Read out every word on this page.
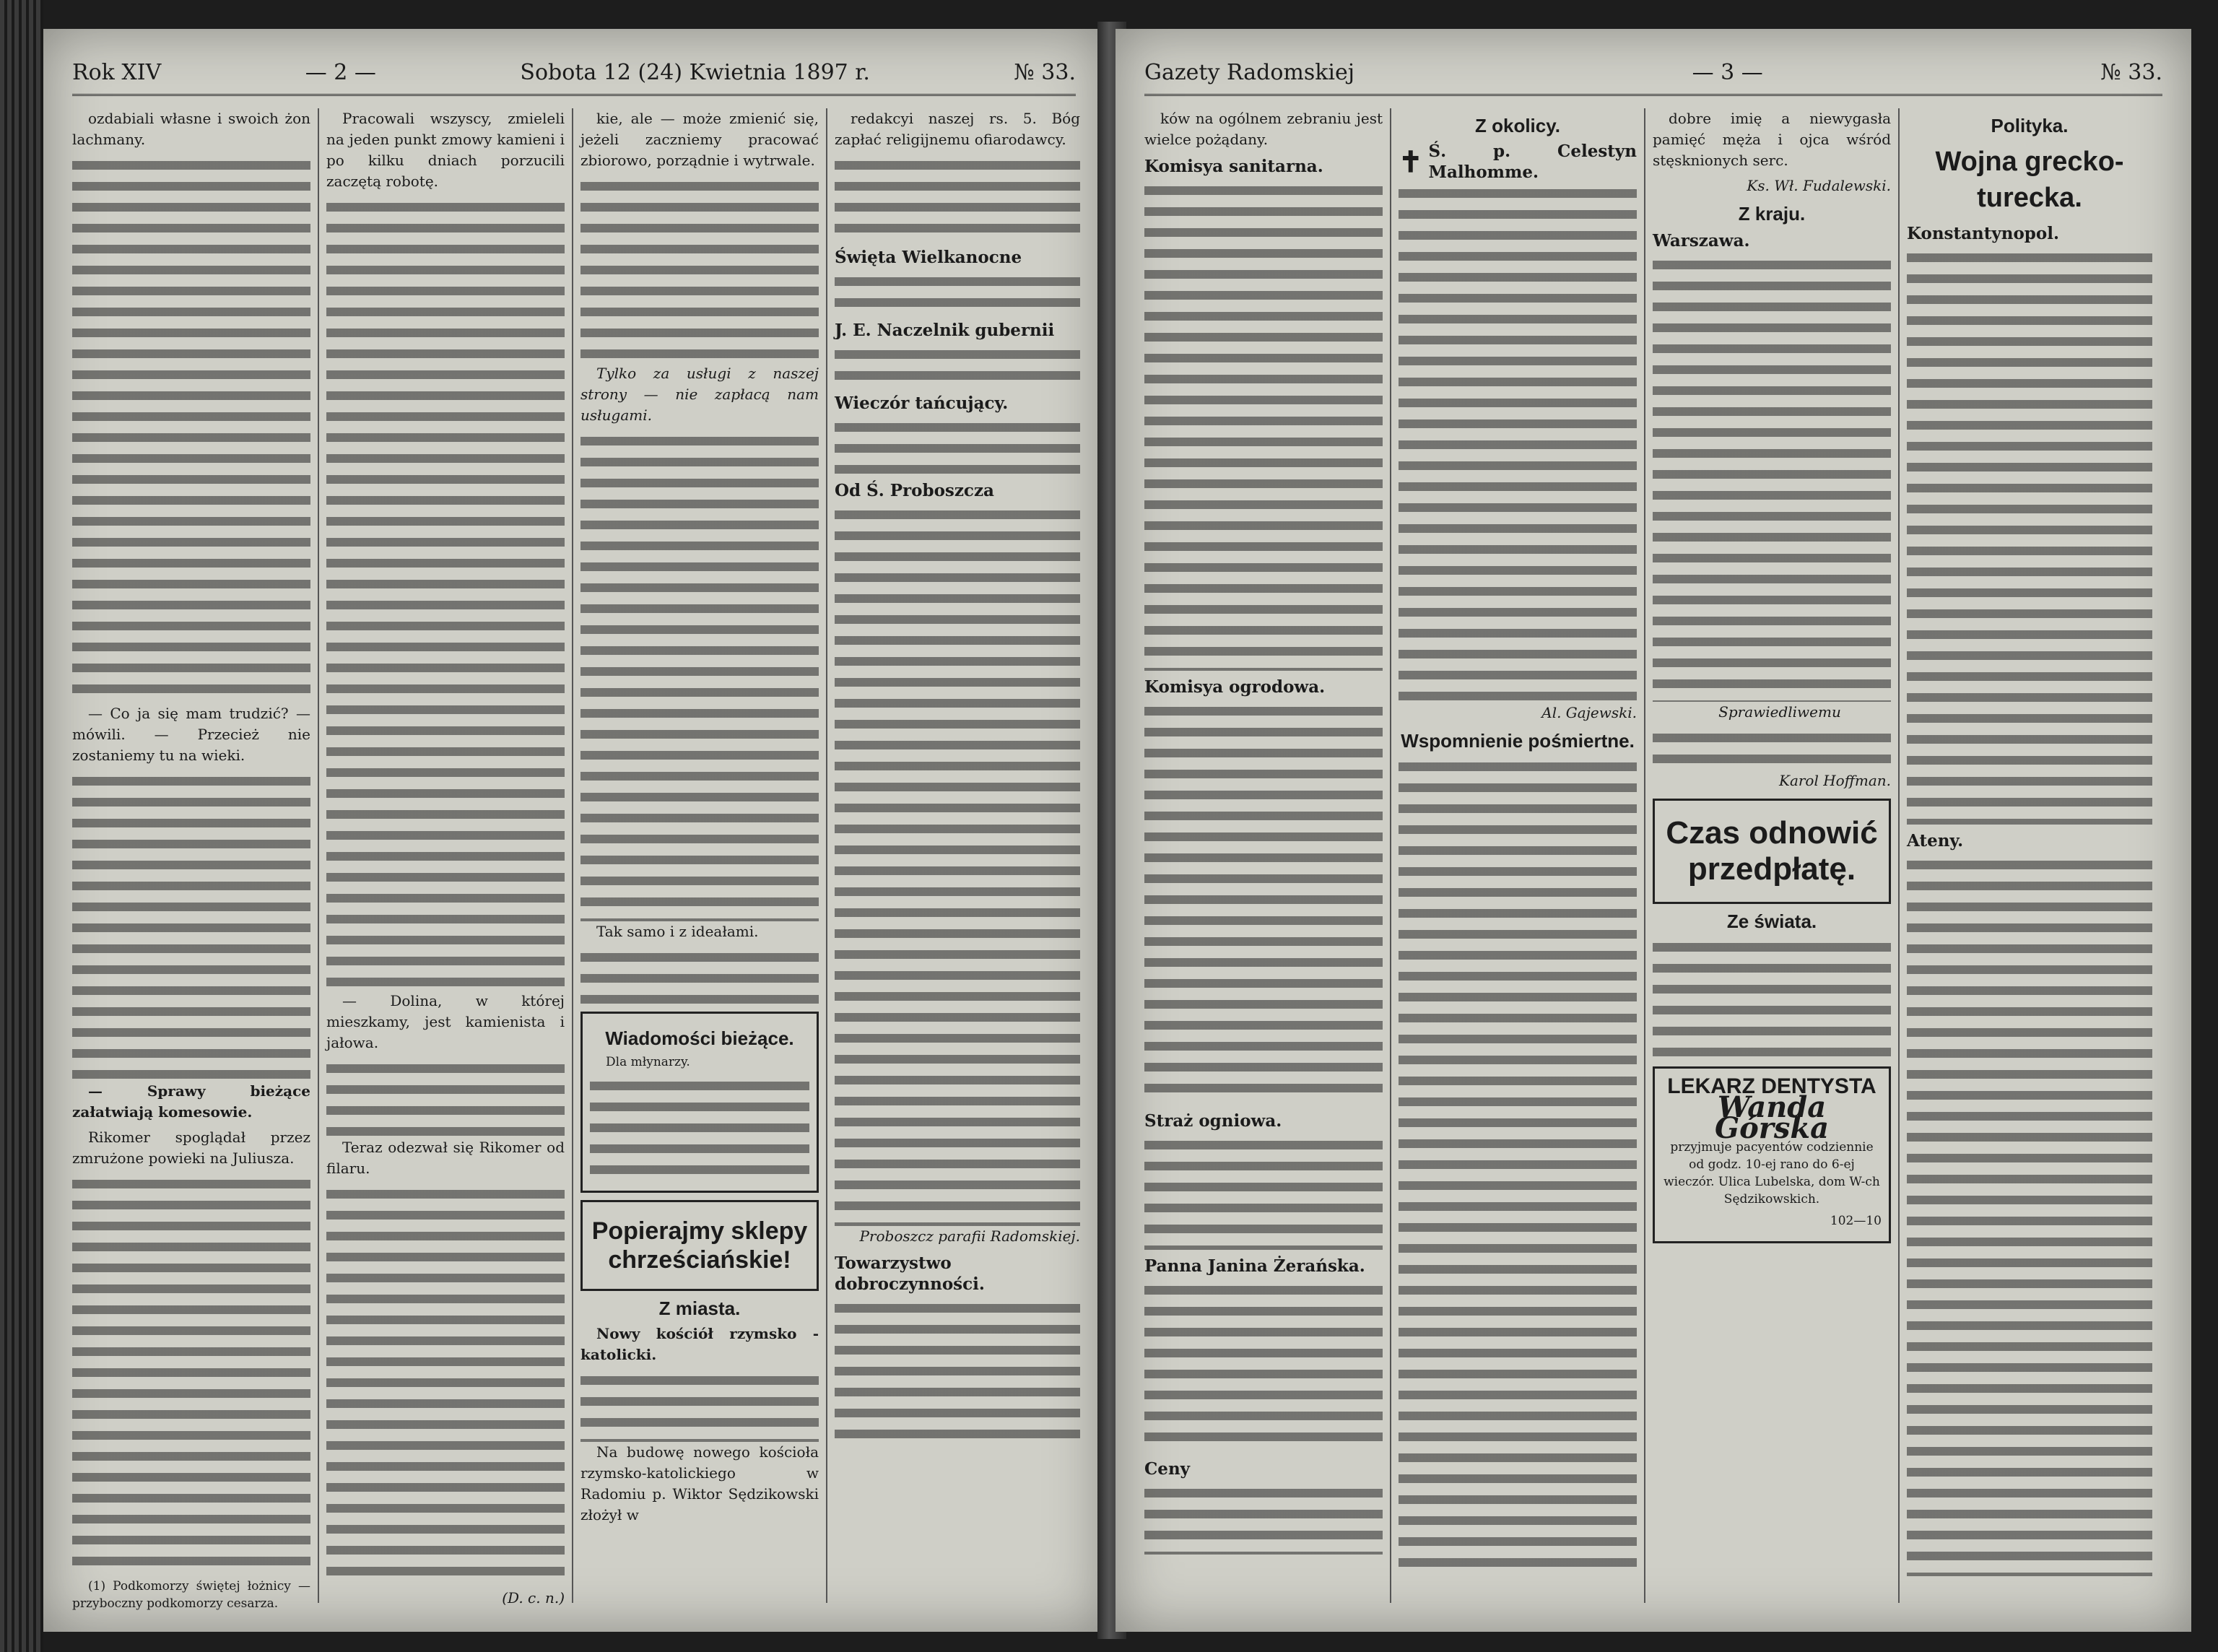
Rok XIV	— 2 —	Sobota 12 (24) Kwietnia 1897 r.	№ 33.

ozdabiali własne i swoich żon lachmany.

— Co ja się mam trudzić? — mówili. — Przecież nie zostaniemy tu na wieki.

— Sprawy bieżące załatwiają komesowie.

Rikomer spoglądał przez zmrużone powieki na Juliusza.

(1) Podkomorzy świętej łożnicy — przyboczny podkomorzy cesarza.

Pracowali wszyscy, zmieleli na jeden punkt zmowy kamieni i po kilku dniach porzucili zaczętą robotę.

— Dolina, w której mieszkamy, jest kamienista i jałowa.

Teraz odezwał się Rikomer od filaru.

(D. c. n.)

kie, ale — może zmienić się, jeżeli zaczniemy pracować zbiorowo, porządnie i wytrwale.

Tylko za usługi z naszej strony — nie zapłacą nam usługami.

Tak samo i z ideałami.

Wiadomości bieżące.

Dla młynarzy.

Popierajmy sklepy chrześciańskie!
Z miasta.

Nowy kościół rzymsko - katolicki.

Na budowę nowego kościoła rzymsko-katolickiego w Radomiu p. Wiktor Sędzikowski złożył w

redakcyi naszej rs. 5. Bóg zapłać religijnemu ofiarodawcy.

Święta Wielkanocne
J. E. Naczelnik gubernii
Wieczór tańcujący.
Od Ś. Proboszcza

Proboszcz parafii Radomskiej.

Towarzystwo dobroczynności.
Gazety Radomskiej	— 3 —	№ 33.

ków na ogólnem zebraniu jest wielce pożądany.

Komisya sanitarna.
Komisya ogrodowa.
Straż ogniowa.
Panna Janina Żerańska.
Ceny
Z okolicy.
✝ Ś. p. Celestyn Malhomme.

Al. Gajewski.

Wspomnienie pośmiertne.

dobre imię a niewygasła pamięć męża i ojca wśród stęsknionych serc.

Ks. Wł. Fudalewski.

Z kraju.
Warszawa.

Sprawiedliwemu

Karol Hoffman.

Czas odnowić przedpłatę.
Ze świata.
LEKARZ DENTYSTA
Wanda Górska

przyjmuje pacyentów codziennie od godz. 10-ej rano do 6-ej wieczór. Ulica Lubelska, dom W-ch Sędzikowskich.

102—10

Polityka.
Wojna grecko-turecka.
Konstantynopol.
Ateny.
